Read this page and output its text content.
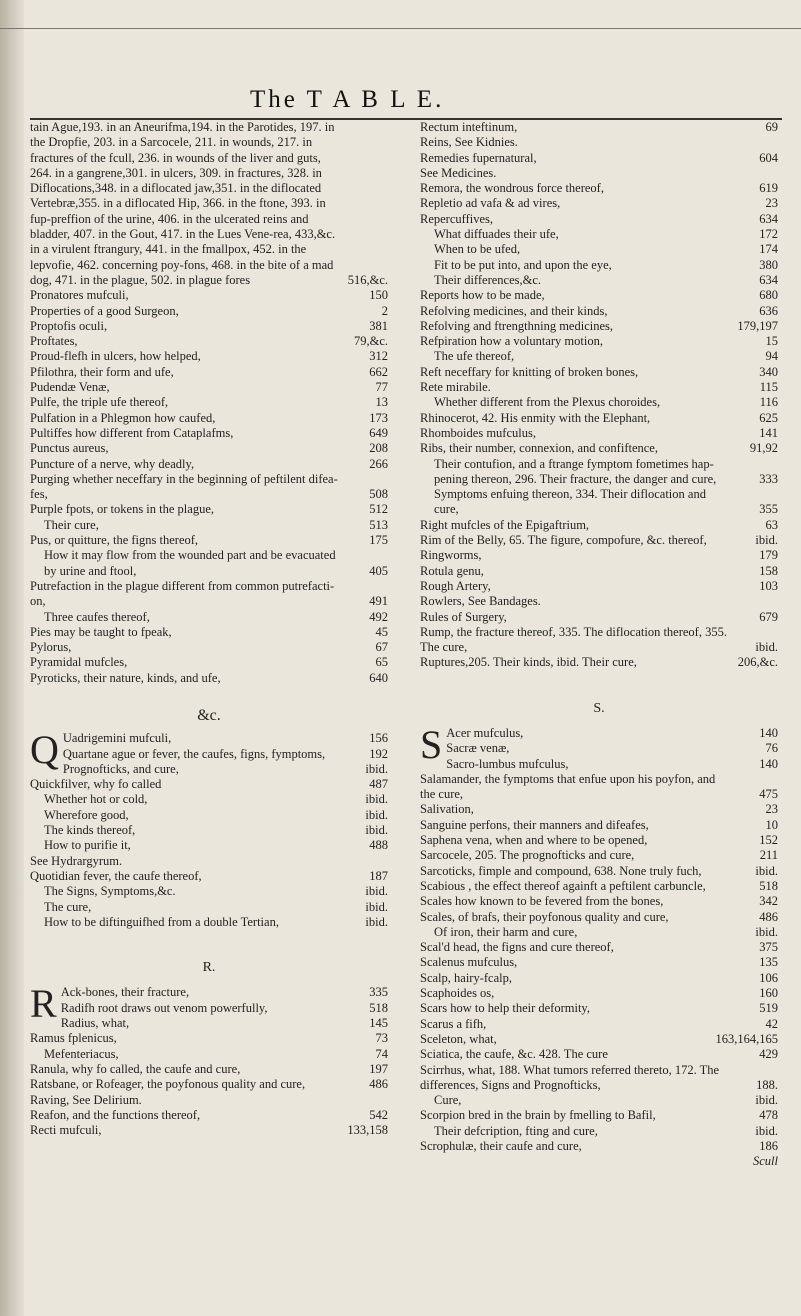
The T A B L E.
tain Ague,193. in an Aneurifma,194. in the Parotides, 197. in the Dropfie, 203. in a Sarcocele, 211. in wounds, 217. in fractures of the fcull, 236. in wounds of the liver and guts, 264. in a gangrene,301. in ulcers, 309. in fractures, 328. in Diflocations,348. in a diflocated jaw,351. in the diflocated Vertebræ,355. in a diflocated Hip, 366. in the ftone, 393. in fup-preffion of the urine, 406. in the ulcerated reins and bladder, 407. in the Gout, 417. in the Lues Vene-rea, 433,&c. in a virulent ftrangury, 441. in the fmallpox, 452. in the lepvofie, 462. concerning poy-fons, 468. in the bite of a mad dog, 471. in the plague, 502. in plague fores	516,&c.
Pronatores mufculi,	150
Properties of a good Surgeon,	2
Proptofis oculi,	381
Proftates,	79,&c.
Proud-flefh in ulcers, how helped,	312
Pfilothra, their form and ufe,	662
Pudendæ Venæ,	77
Pulfe, the triple ufe thereof,	13
Pulfation in a Phlegmon how caufed,	173
Pultiffes how different from Cataplafms,	649
Punctus aureus,	208
Puncture of a nerve, why deadly,	266
Purging whether neceffary in the beginning of peftilent difea-fes,	508
Purple fpots, or tokens in the plague,	512
Their cure,	513
Pus, or quitture, the figns thereof,	175
How it may flow from the wounded part and be evacuated by urine and ftool,	405
Putrefaction in the plague different from common putrefacti-on,	491
Three caufes thereof,	492
Pies may be taught to fpeak,	45
Pylorus,	67
Pyramidal mufcles,	65
Pyroticks, their nature, kinds, and ufe,	640
&c.
Q Uadrigemini mufculi,	156
Quartane ague or fever, the caufes, figns, fymptoms,	192
Prognofticks, and cure,	ibid.
Quickfilver, why fo called	487
Whether hot or cold,	ibid.
Wherefore good,	ibid.
The kinds thereof,	ibid.
How to purifie it,	488
See Hydrargyrum.
Quotidian fever, the caufe thereof,	187
The Signs, Symptoms,&c.	ibid.
The cure,	ibid.
How to be diftinguifhed from a double Tertian,	ibid.
R.
R Ack-bones, their fracture,	335
Radifh root draws out venom powerfully,	518
Radius, what,	145
Ramus fplenicus,	73
Mefenteriacus,	74
Ranula, why fo called, the caufe and cure,	197
Ratsbane, or Rofeager, the poyfonous quality and cure,	486
Raving, See Delirium.
Reafon, and the functions thereof,	542
Recti mufculi,	133,158
Rectum inteftinum,	69
Reins, See Kidnies.
Remedies fupernatural,	604
See Medicines.
Remora, the wondrous force thereof,	619
Repletio ad vafa & ad vires,	23
Repercuffives,	634
What diffuades their ufe,	172
When to be ufed,	174
Fit to be put into, and upon the eye,	380
Their differences,&c.	634
Reports how to be made,	680
Refolving medicines, and their kinds,	636
Refolving and ftrengthning medicines,	179,197
Refpiration how a voluntary motion,	15
The ufe thereof,	94
Reft neceffary for knitting of broken bones,	340
Rete mirabile.	115
Whether different from the Plexus choroides,	116
Rhinocerot, 42. His enmity with the Elephant,	625
Rhomboides mufculus,	141
Ribs, their number, connexion, and confiftence,	91,92
Their contufion, and a ftrange fymptom fometimes hap-pening thereon, 296. Their fracture, the danger and cure,	333
Symptoms enfuing thereon, 334. Their diflocation and cure,	355
Right mufcles of the Epigaftrium,	63
Rim of the Belly, 65. The figure, compofure, &c. thereof,	ibid.
Ringworms,	179
Rotula genu,	158
Rough Artery,	103
Rowlers, See Bandages.
Rules of Surgery,	679
Rump, the fracture thereof, 335. The diflocation thereof, 355. The cure,	ibid.
Ruptures,205. Their kinds, ibid. Their cure,	206,&c.
S.
S Acer mufculus,	140
Sacræ venæ,	76
Sacro-lumbus mufculus,	140
Salamander, the fymptoms that enfue upon his poyfon, and the cure,	475
Salivation,	23
Sanguine perfons, their manners and difeafes,	10
Saphena vena, when and where to be opened,	152
Sarcocele, 205. The prognofticks and cure,	211
Sarcoticks, fimple and compound, 638. None truly fuch,	ibid.
Scabious , the effect thereof againft a peftilent carbuncle,	518
Scales how known to be fevered from the bones,	342
Scales, of brafs, their poyfonous quality and cure,	486
Of iron, their harm and cure,	ibid.
Scal'd head, the figns and cure thereof,	375
Scalenus mufculus,	135
Scalp, hairy-fcalp,	106
Scaphoides os,	160
Scars how to help their deformity,	519
Scarus a fifh,	42
Sceleton, what,	163,164,165
Sciatica, the caufe, &c. 428. The cure	429
Scirrhus, what, 188. What tumors referred thereto, 172. The differences, Signs and Prognofticks,	188.
Cure,	ibid.
Scorpion bred in the brain by fmelling to Bafil,	478
Their defcription, fting and cure,	ibid.
Scrophulæ, their caufe and cure,	186
Scull
